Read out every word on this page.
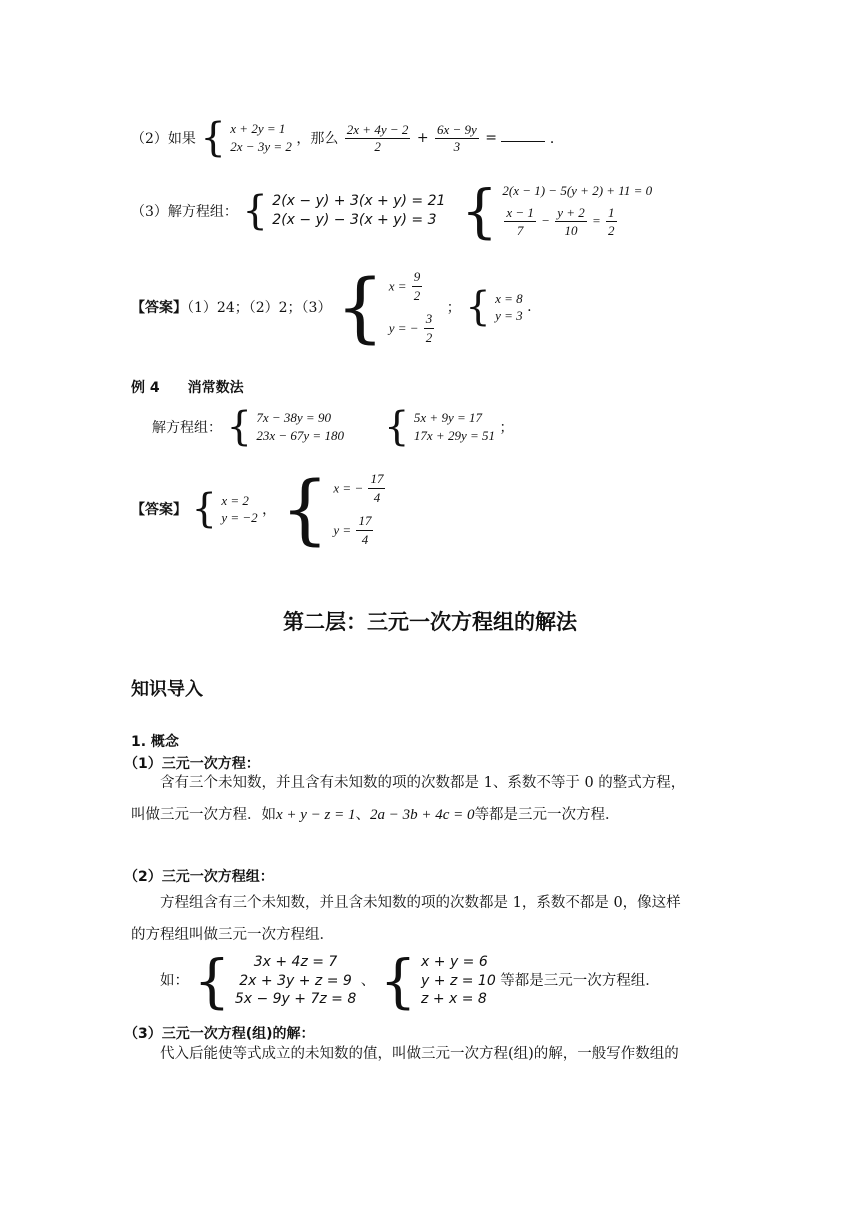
（2）如果 { x + 2y = 1
2x − 3y = 2 ，那么 $\frac{2x + 4y - 2}{2} + \frac{6x - 9y}{3}$ =	．
（3）解方程组： { 2(x − y) + 3(x + y) = 21
2(x − y) − 3(x + y) = 3 { 2(x − 1) − 5(y + 2) + 11 = 0
$\frac{x - 1}{7} - \frac{y + 2}{10} = \frac{1}{2}$
【答案】（1）24；（2）2；（3） { $x = \frac{9}{2}$
y = − $\frac{3}{2}$
； { x = 8
y = 3
.
例 4　　消常数法
解方程组： { 7x − 38y = 90
23x − 67y = 180 { 5x + 9y = 17
17x + 29y = 51 ；
【答案】 { x = 2
y = −2 ， { x = − $\frac{17}{4}$
$y = \frac{17}{4}$
第二层：三元一次方程组的解法
知识导入
1. 概念
（1）三元一次方程：
含有三个未知数，并且含有未知数的项的次数都是 1、系数不等于 0 的整式方程，
叫做三元一次方程．如x + y − z = 1、2a − 3b + 4c = 0等都是三元一次方程．
（2）三元一次方程组：
方程组含有三个未知数，并且含未知数的项的次数都是 1，系数不都是 0，像这样
的方程组叫做三元一次方程组．
如： {	3x + 4z = 7
2x + 3y + z = 9
5x − 9y + 7z = 8
、 { x + y = 6
y + z = 10
z + x = 8
等都是三元一次方程组．
（3）三元一次方程(组)的解：
代入后能使等式成立的未知数的值，叫做三元一次方程(组)的解，一般写作数组的
